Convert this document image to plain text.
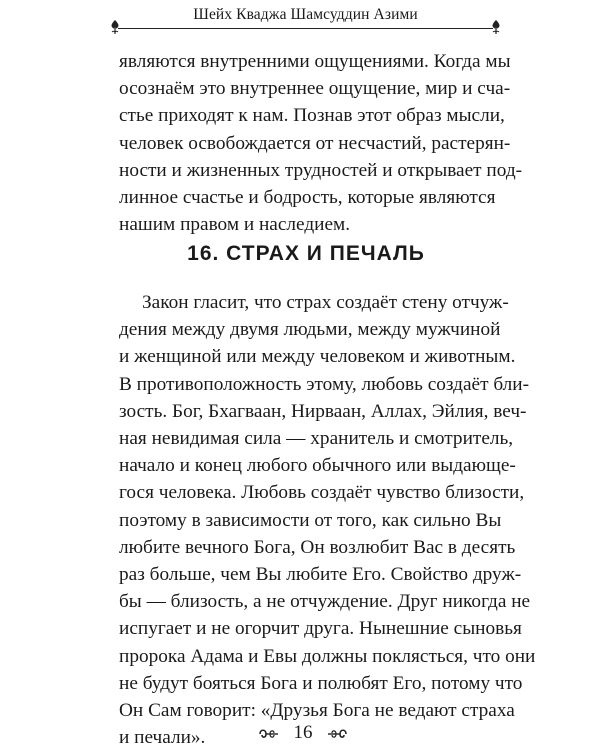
Шейх Кваджа Шамсуддин Азими

являются внутренними ощущениями. Когда мы
осознаём это внутреннее ощущение, мир и сча-
стье приходят к нам. Познав этот образ мысли,
человек освобождается от несчастий, растерян-
ности и жизненных трудностей и открывает под-
линное счастье и бодрость, которые являются
нашим правом и наследием.

16. СТРАХ И ПЕЧАЛЬ

Закон гласит, что страх создаёт стену отчуж-
дения между двумя людьми, между мужчиной
и женщиной или между человеком и животным.
В противоположность этому, любовь создаёт бли-
зость. Бог, Бхагваан, Нирваан, Аллах, Эйлия, веч-
ная невидимая сила — хранитель и смотритель,
начало и конец любого обычного или выдающе-
гося человека. Любовь создаёт чувство близости,
поэтому в зависимости от того, как сильно Вы
любите вечного Бога, Он возлюбит Вас в десять
раз больше, чем Вы любите Его. Свойство друж-
бы — близость, а не отчуждение. Друг никогда не
испугает и не огорчит друга. Нынешние сыновья
пророка Адама и Евы должны поклясться, что они
не будут бояться Бога и полюбят Его, потому что
Он Сам говорит: «Друзья Бога не ведают страха
и печали».	16
